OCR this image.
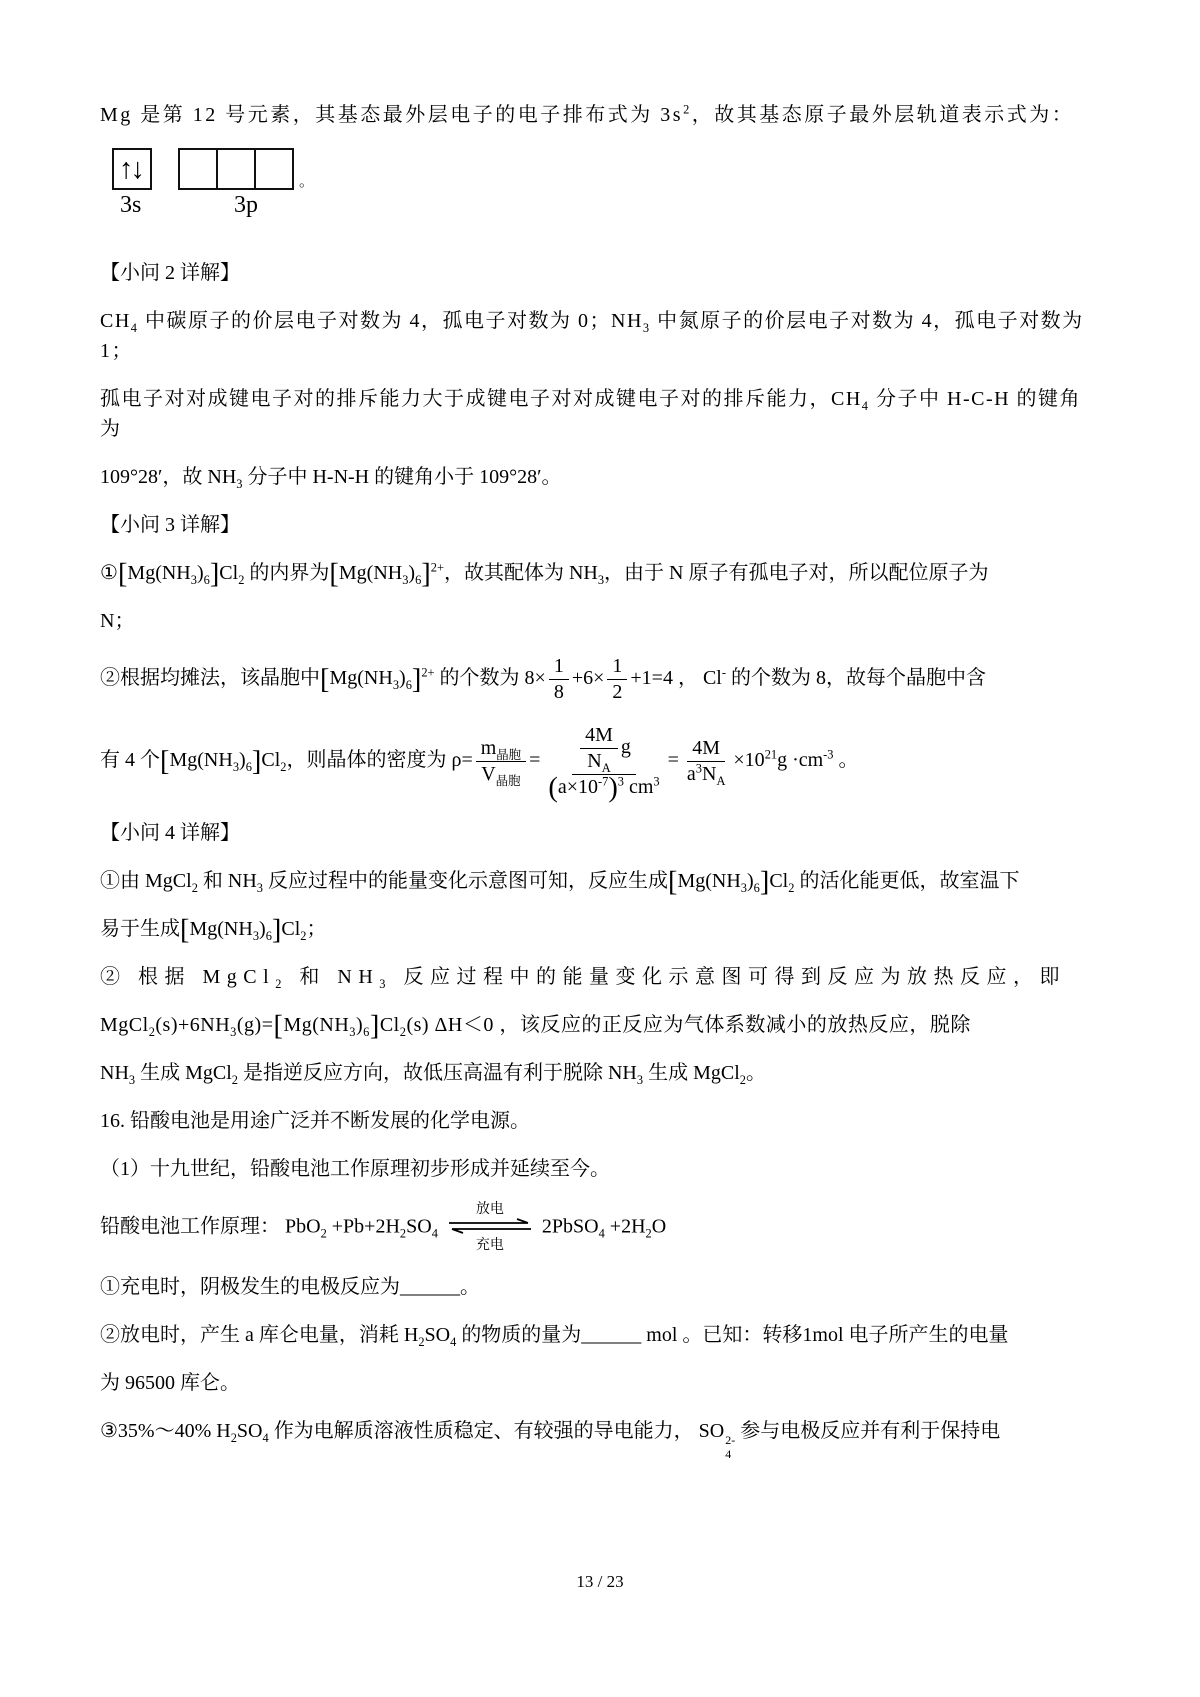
Mg 是第 12 号元素，其基态最外层电子的电子排布式为 $3s^2$，故其基态原子最外层轨道表示式为：

↑↓	。
3s	3p

【小问 2 详解】

$CH_4$ 中碳原子的价层电子对数为 4，孤电子对数为 0；$NH_3$ 中氮原子的价层电子对数为 4，孤电子对数为 1；

孤电子对对成键电子对的排斥能力大于成键电子对对成键电子对的排斥能力，$CH_4$ 分子中 H-C-H 的键角为

109°28′，故 $NH_3$ 分子中 H-N-H 的键角小于 109°28′。

【小问 3 详解】

$①[Mg(NH_3)_6]Cl_2$ 的内界为$[Mg(NH_3)_6]^{2+}$，故其配体为 $NH_3$，由于 N 原子有孤电子对，所以配位原子为

N；

②根据均摊法，该晶胞中$[Mg(NH_3)_6]^{2+}$ 的个数为 $8\times \frac{1}{8} +6\times \frac{1}{2} +1=4$ ， Cl- 的个数为 8，故每个晶胞中含

有 4 个$[Mg(NH_3)_6]Cl_2$，则晶体的密度为 $\rho= \frac{m_{晶胞}}{V_{晶胞}} = \frac{\frac{4M}{N_A} g}{(a\times 10^{-7})^3 cm^3} = \frac{4M}{a^3N_A} \times 10^{21}g \cdot cm^{-3}$ 。

【小问 4 详解】

①由 MgCl$_2$ 和 $NH_3$ 反应过程中的能量变化示意图可知，反应生成$[Mg(NH_3)_6]Cl_2$ 的活化能更低，故室温下

易于生成$[Mg(NH_3)_6]Cl_2$；

② 根据 MgCl$_2$ 和 $NH_3$ 反应过程中的能量变化示意图可得到反应为放热反应，即

$MgCl_2(s)+6NH_3(g)=[Mg(NH_3)_6]Cl_2(s)$ ΔH＜0 ，该反应的正反应为气体系数减小的放热反应，脱除

$NH_3$ 生成 MgCl$_2$ 是指逆反应方向，故低压高温有利于脱除 $NH_3$ 生成 MgCl$_2$。

16. 铅酸电池是用途广泛并不断发展的化学电源。

（1）十九世纪，铅酸电池工作原理初步形成并延续至今。

铅酸电池工作原理： $PbO_2 +Pb+2H_2SO_4$
放电
充电
2PbSO$_4$ $+2H_2O$

①充电时，阴极发生的电极反应为______。

②放电时，产生 a 库仑电量，消耗 $H_2SO_4$ 的物质的量为______ mol 。已知：转移1mol 电子所产生的电量

为 96500 库仑。

③35%～40% $H_2SO_4$ 作为电解质溶液性质稳定、有较强的导电能力， SO 2-
4
参与电极反应并有利于保持电

13 / 23
